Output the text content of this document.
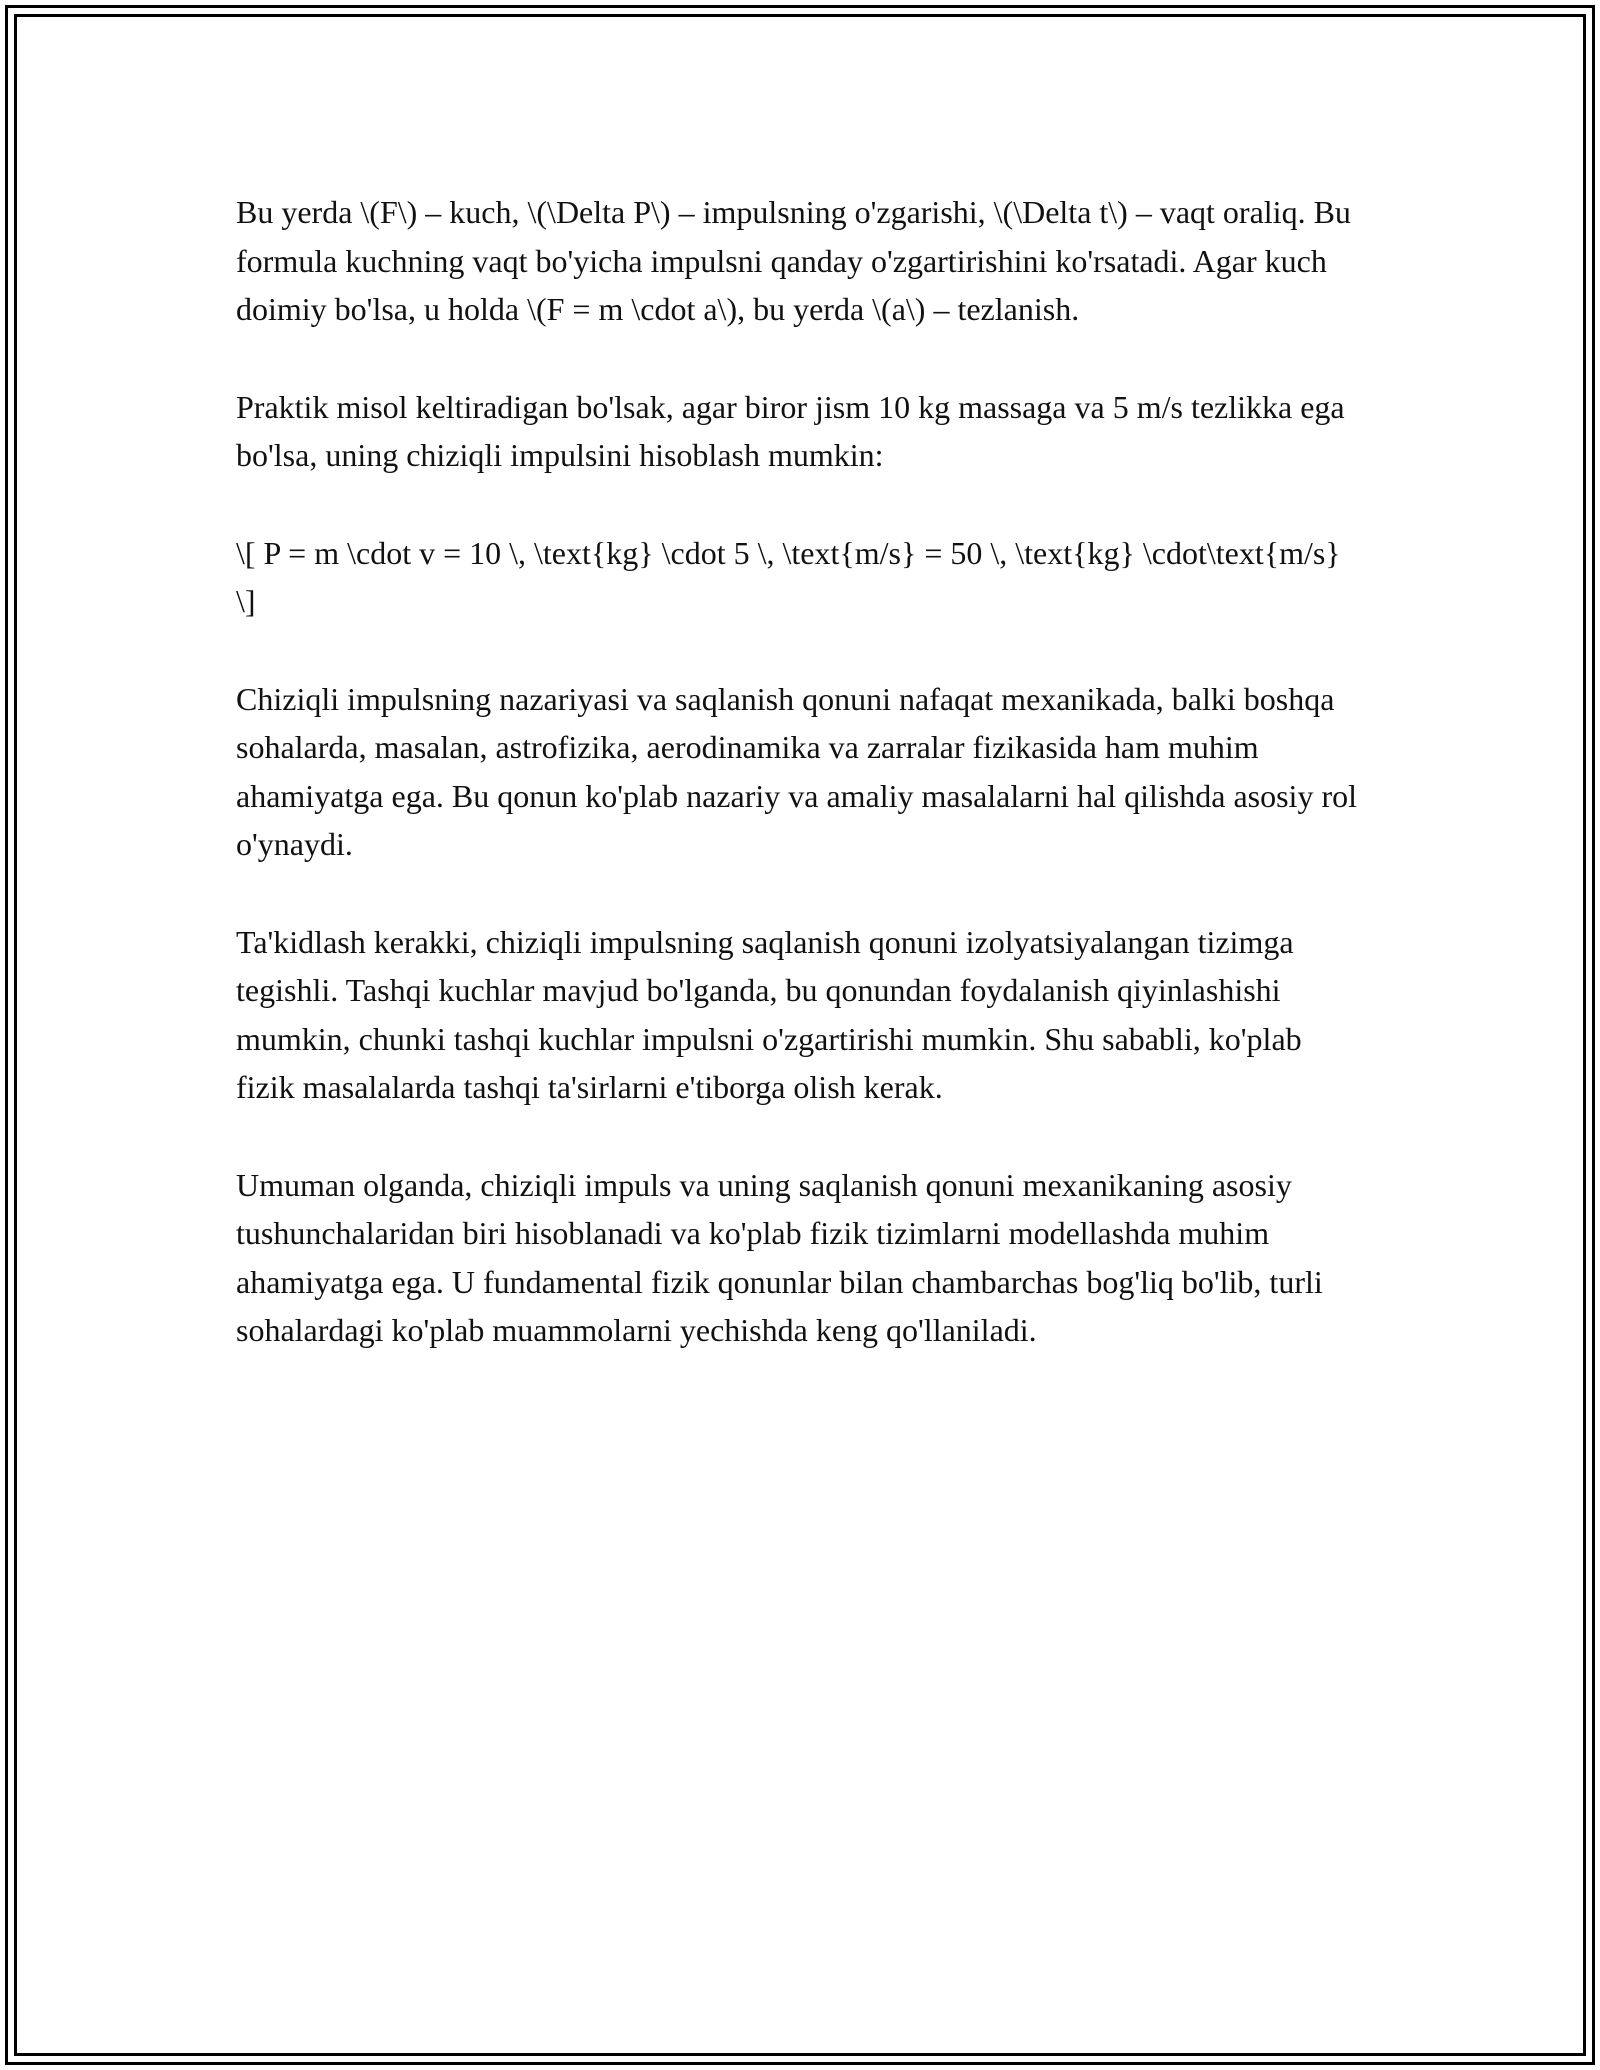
Bu yerda \(F\) – kuch, \(\Delta P\) – impulsning o'zgarishi, \(\Delta t\) – vaqt oraliq. Bu formula kuchning vaqt bo'yicha impulsni qanday o'zgartirishini ko'rsatadi. Agar kuch doimiy bo'lsa, u holda \(F = m \cdot a\), bu yerda \(a\) – tezlanish.

Praktik misol keltiradigan bo'lsak, agar biror jism 10 kg massaga va 5 m/s tezlikka ega bo'lsa, uning chiziqli impulsini hisoblash mumkin:

\[ P = m \cdot v = 10 \, \text{kg} \cdot 5 \, \text{m/s} = 50 \, \text{kg} \cdot\text{m/s} \]

Chiziqli impulsning nazariyasi va saqlanish qonuni nafaqat mexanikada, balki boshqa sohalarda, masalan, astrofizika, aerodinamika va zarralar fizikasida ham muhim ahamiyatga ega. Bu qonun ko'plab nazariy va amaliy masalalarni hal qilishda asosiy rol o'ynaydi.

Ta'kidlash kerakki, chiziqli impulsning saqlanish qonuni izolyatsiyalangan tizimga tegishli. Tashqi kuchlar mavjud bo'lganda, bu qonundan foydalanish qiyinlashishi mumkin, chunki tashqi kuchlar impulsni o'zgartirishi mumkin. Shu sababli, ko'plab fizik masalalarda tashqi ta'sirlarni e'tiborga olish kerak.

Umuman olganda, chiziqli impuls va uning saqlanish qonuni mexanikaning asosiy tushunchalaridan biri hisoblanadi va ko'plab fizik tizimlarni modellashda muhim ahamiyatga ega. U fundamental fizik qonunlar bilan chambarchas bog'liq bo'lib, turli sohalardagi ko'plab muammolarni yechishda keng qo'llaniladi.
